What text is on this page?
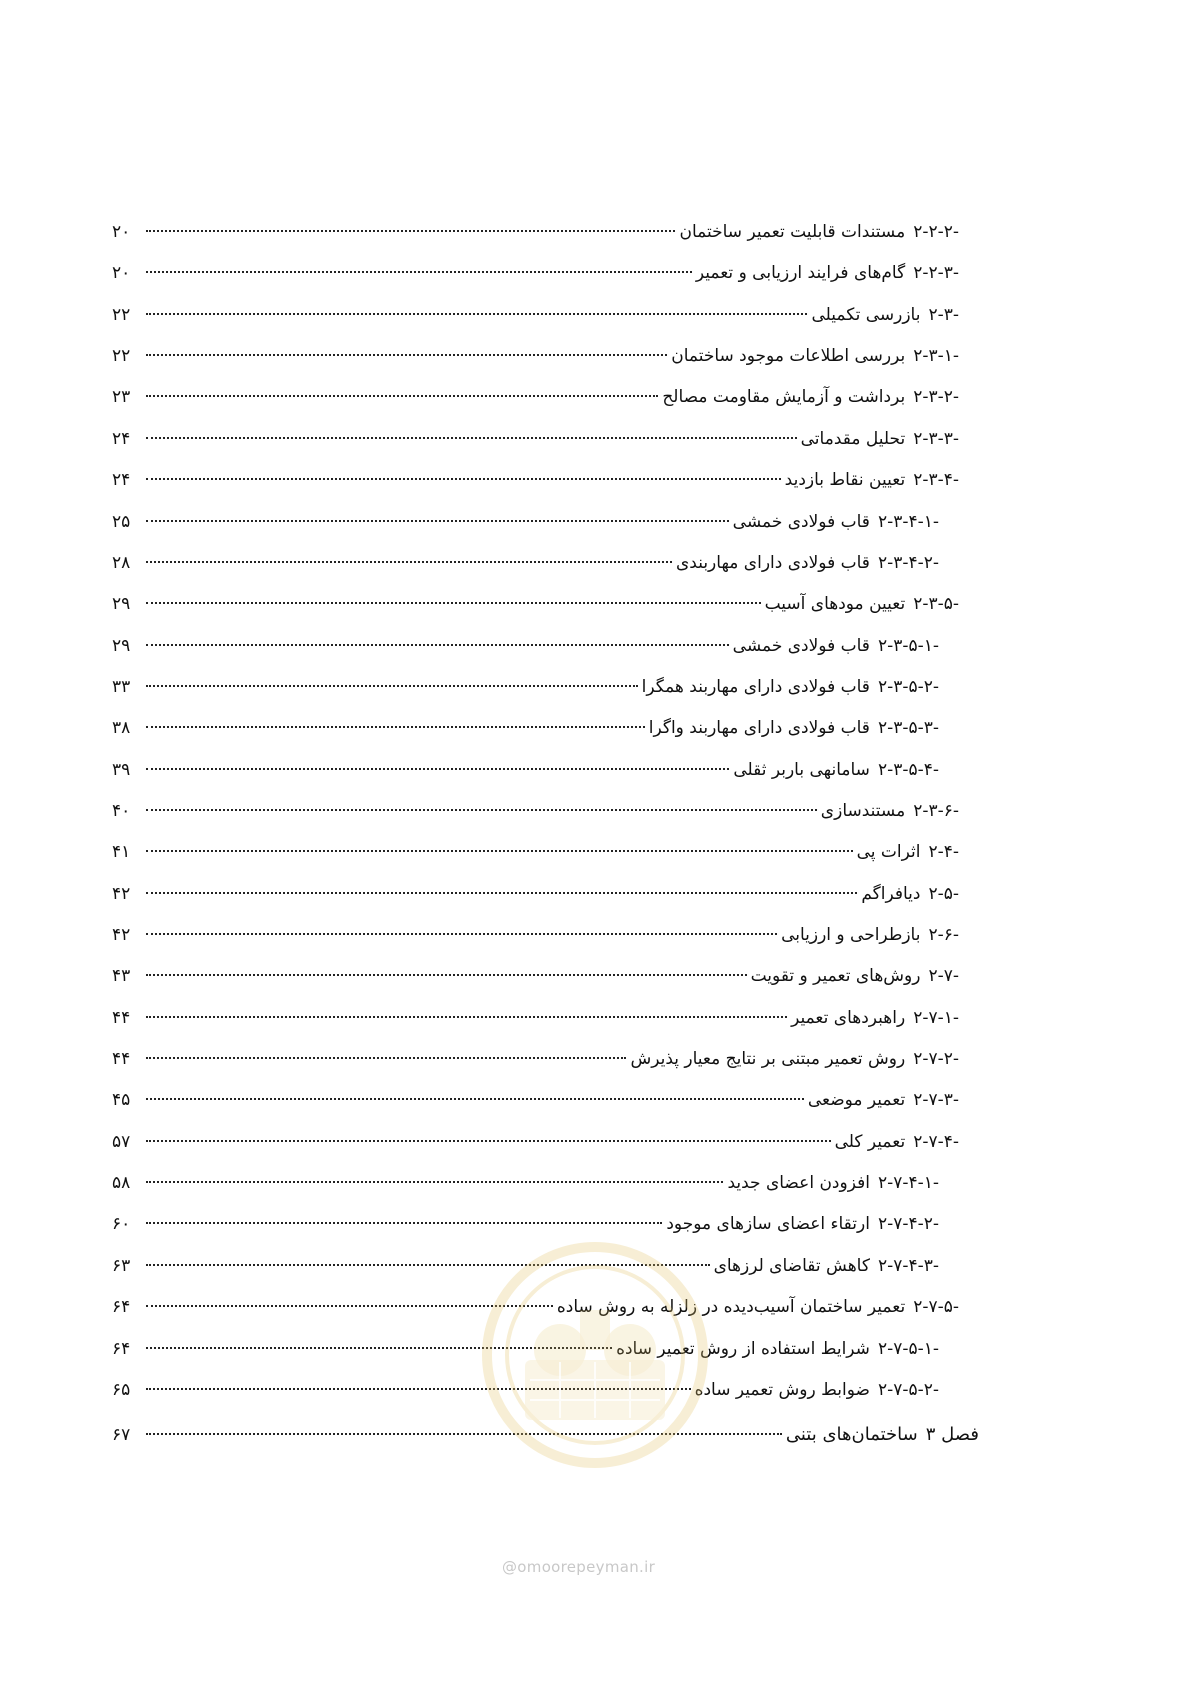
۲-۲-۲-
مستندات قابلیت تعمیر ساختمان
۲۰
۲-۲-۳-
گام‌های فرایند ارزیابی و تعمیر
۲۰
۲-۳-
بازرسی تکمیلی
۲۲
۲-۳-۱-
بررسی اطلاعات موجود ساختمان
۲۲
۲-۳-۲-
برداشت و آزمایش مقاومت مصالح
۲۳
۲-۳-۳-
تحلیل مقدماتی
۲۴
۲-۳-۴-
تعیین نقاط بازدید
۲۴
۲-۳-۴-۱-
قاب فولادی خمشی
۲۵
۲-۳-۴-۲-
قاب فولادی دارای مهاربندی
۲۸
۲-۳-۵-
تعیین مودهای آسیب
۲۹
۲-۳-۵-۱-
قاب فولادی خمشی
۲۹
۲-۳-۵-۲-
قاب فولادی دارای مهاربند همگرا
۳۳
۲-۳-۵-۳-
قاب فولادی دارای مهاربند واگرا
۳۸
۲-۳-۵-۴-
سامانهی باربر ثقلی
۳۹
۲-۳-۶-
مستندسازی
۴۰
۲-۴-
اثرات پی
۴۱
۲-۵-
دیافراگم
۴۲
۲-۶-
بازطراحی و ارزیابی
۴۲
۲-۷-
روش‌های تعمیر و تقویت
۴۳
۲-۷-۱-
راهبردهای تعمیر
۴۴
۲-۷-۲-
روش تعمیر مبتنی بر نتایج معیار پذیرش
۴۴
۲-۷-۳-
تعمیر موضعی
۴۵
۲-۷-۴-
تعمیر کلی
۵۷
۲-۷-۴-۱-
افزودن اعضای جدید
۵۸
۲-۷-۴-۲-
ارتقاء اعضای سازهای موجود
۶۰
۲-۷-۴-۳-
کاهش تقاضای لرزهای
۶۳
۲-۷-۵-
تعمیر ساختمان آسیب‌دیده در زلزله به روش ساده
۶۴
۲-۷-۵-۱-
شرایط استفاده از روش تعمیر ساده
۶۴
۲-۷-۵-۲-
ضوابط روش تعمیر ساده
۶۵
فصل ۳
ساختمان‌های بتنی
۶۷
@omoorepeyman.ir
